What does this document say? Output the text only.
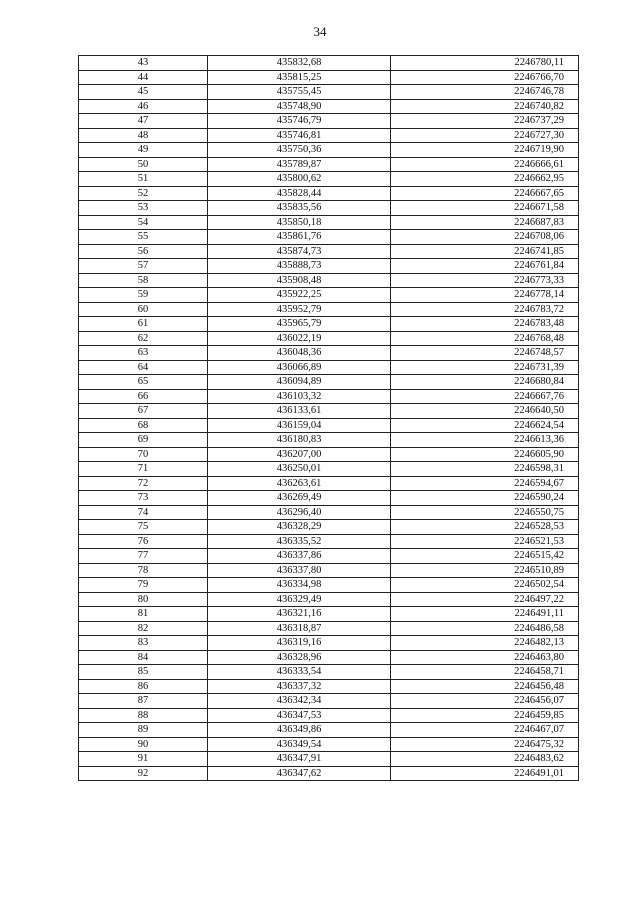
34
43	435832,68	2246780,11
44	435815,25	2246766,70
45	435755,45	2246746,78
46	435748,90	2246740,82
47	435746,79	2246737,29
48	435746,81	2246727,30
49	435750,36	2246719,90
50	435789,87	2246666,61
51	435800,62	2246662,95
52	435828,44	2246667,65
53	435835,56	2246671,58
54	435850,18	2246687,83
55	435861,76	2246708,06
56	435874,73	2246741,85
57	435888,73	2246761,84
58	435908,48	2246773,33
59	435922,25	2246778,14
60	435952,79	2246783,72
61	435965,79	2246783,48
62	436022,19	2246768,48
63	436048,36	2246748,57
64	436066,89	2246731,39
65	436094,89	2246680,84
66	436103,32	2246667,76
67	436133,61	2246640,50
68	436159,04	2246624,54
69	436180,83	2246613,36
70	436207,00	2246605,90
71	436250,01	2246598,31
72	436263,61	2246594,67
73	436269,49	2246590,24
74	436296,40	2246550,75
75	436328,29	2246528,53
76	436335,52	2246521,53
77	436337,86	2246515,42
78	436337,80	2246510,89
79	436334,98	2246502,54
80	436329,49	2246497,22
81	436321,16	2246491,11
82	436318,87	2246486,58
83	436319,16	2246482,13
84	436328,96	2246463,80
85	436333,54	2246458,71
86	436337,32	2246456,48
87	436342,34	2246456,07
88	436347,53	2246459,85
89	436349,86	2246467,07
90	436349,54	2246475,32
91	436347,91	2246483,62
92	436347,62	2246491,01
